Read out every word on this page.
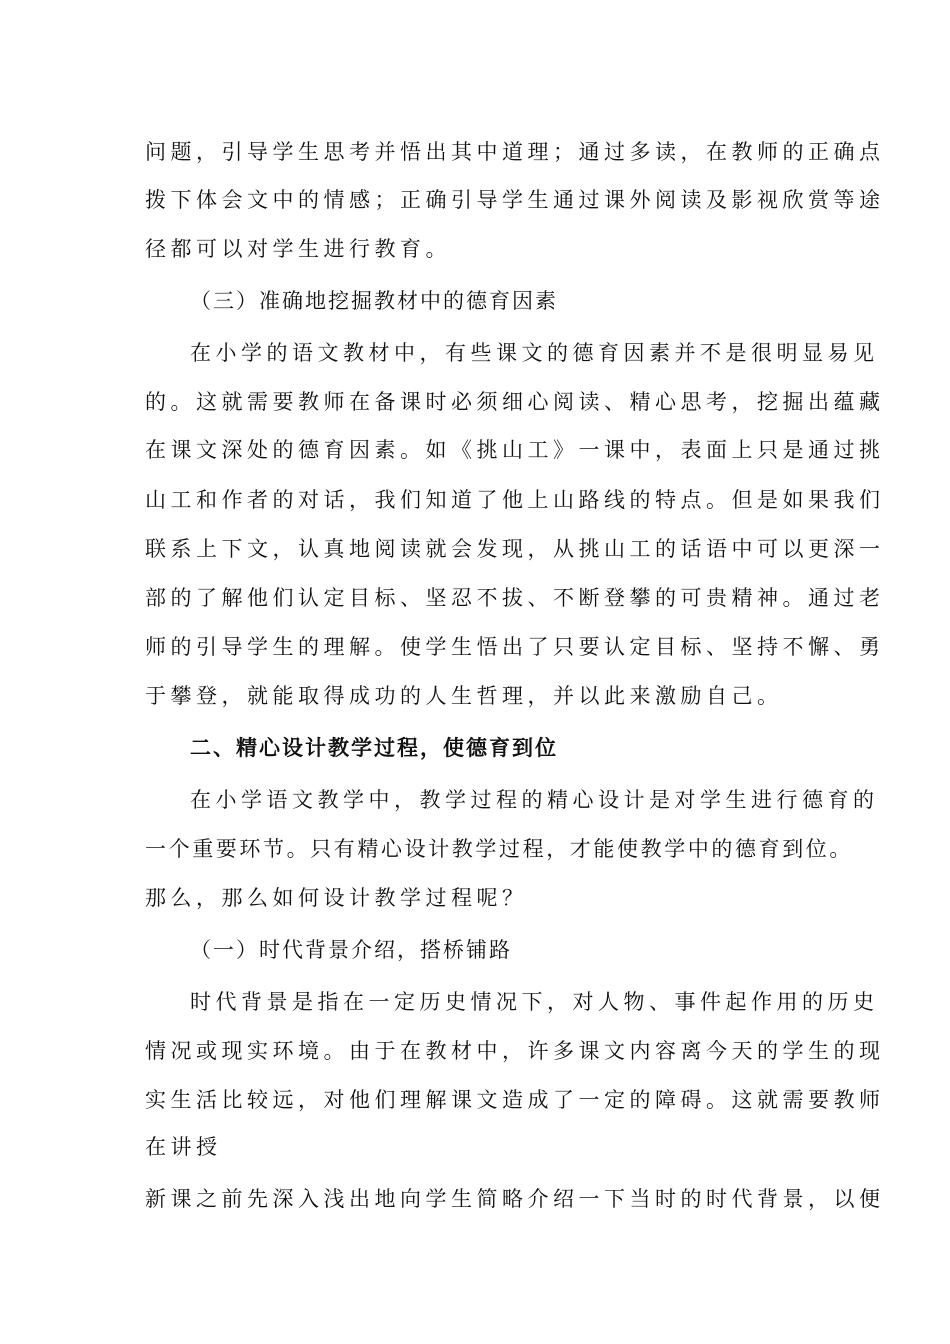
问题，引导学生思考并悟出其中道理；通过多读，在教师的正确点
拨下体会文中的情感；正确引导学生通过课外阅读及影视欣赏等途
径都可以对学生进行教育。
（三）准确地挖掘教材中的德育因素
在小学的语文教材中，有些课文的德育因素并不是很明显易见
的。这就需要教师在备课时必须细心阅读、精心思考，挖掘出蕴藏
在课文深处的德育因素。如《挑山工》一课中，表面上只是通过挑
山工和作者的对话，我们知道了他上山路线的特点。但是如果我们
联系上下文，认真地阅读就会发现，从挑山工的话语中可以更深一
部的了解他们认定目标、坚忍不拔、不断登攀的可贵精神。通过老
师的引导学生的理解。使学生悟出了只要认定目标、坚持不懈、勇
于攀登，就能取得成功的人生哲理，并以此来激励自己。
二、精心设计教学过程，使德育到位
在小学语文教学中，教学过程的精心设计是对学生进行德育的
一个重要环节。只有精心设计教学过程，才能使教学中的德育到位。
那么，那么如何设计教学过程呢？
（一）时代背景介绍，搭桥铺路
时代背景是指在一定历史情况下，对人物、事件起作用的历史
情况或现实环境。由于在教材中，许多课文内容离今天的学生的现
实生活比较远，对他们理解课文造成了一定的障碍。这就需要教师
在讲授
新课之前先深入浅出地向学生简略介绍一下当时的时代背景，以便
